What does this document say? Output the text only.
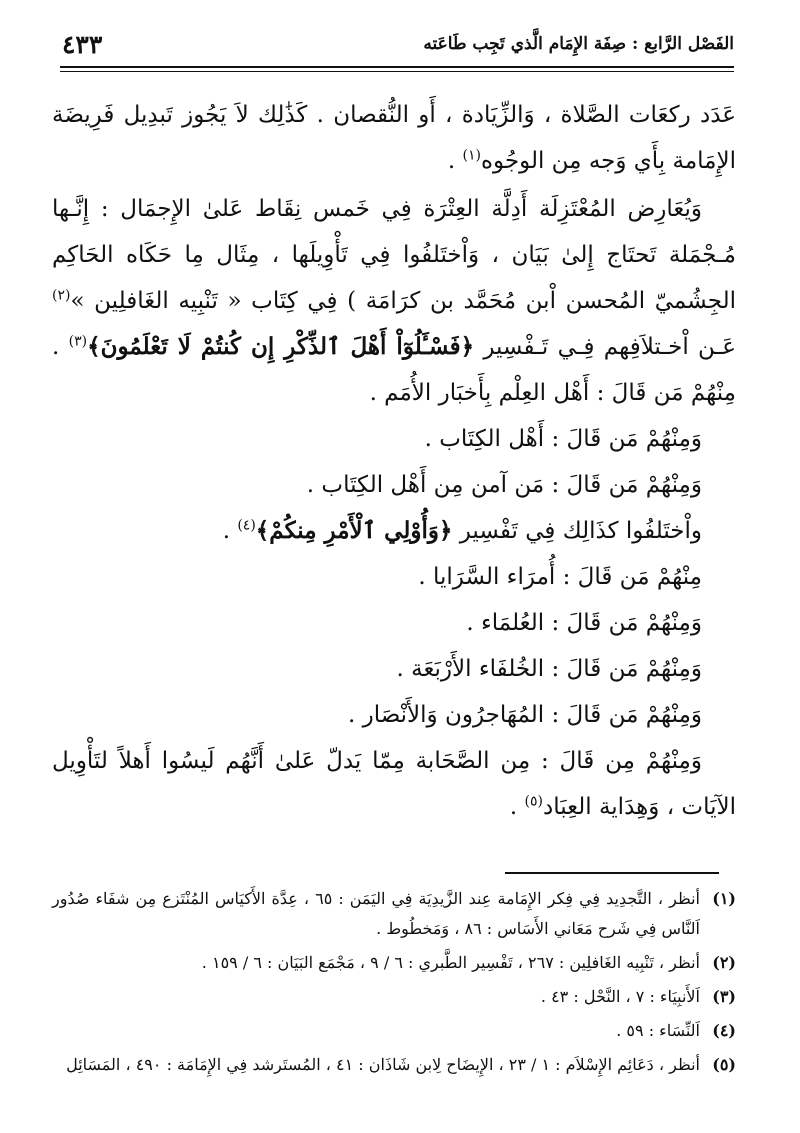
الفَصْل الرَّابع : صِفَة الإِمَام الَّذي تَجِب طَاعَته
٤٣٣

عَدَد ركعَات الصَّلاة ، وَالزِّيَادة ، أَو النُّقصان . كَذَٰلِك لاَ يَجُوز تَبدِيل فَرِيضَة الإِمَامة بِأَي وَجه مِن الوجُوه$^{(١)}$ .

وَيُعَارِض المُعْتَزِلَة أَدِلَّة العِتْرَة فِي خَمس نِقَاط عَلىٰ الإِجمَال : إِنَّـها مُـجْمَلة تَحتَاج إِلىٰ بَيَان ، وَاْختَلفُوا فِي تَأْوِيلَها ، مِثَال مِا حَكَاه الحَاكِم الجِشُميّ المُحسن اْبن مُحَمَّد بن كرَامَة ) فِي كِتَاب « تَنْبِيه الغَافلِين »$^{(٢)}$ عَـن اْخـتلاَفِهم فِـي تَـفْسِير ﴿فَسْـَٔلُوٓاْ أَهْلَ ٱلذِّكْرِ إِن كُنتُمْ لَا تَعْلَمُونَ﴾$^{(٣)}$ . مِنْهُمْ مَن قَالَ : أَهْل العِلْم بِأَخبَار الأُمَم .

وَمِنْهُمْ مَن قَالَ : أَهْل الكِتَاب .

وَمِنْهُمْ مَن قَالَ : مَن آمن مِن أَهْل الكِتَاب .

واْختَلفُوا كذَالِك فِي تَفْسِير ﴿وَأُوْلِي ٱلْأَمْرِ مِنكُمْ﴾$^{(٤)}$ .

مِنْهُمْ مَن قَالَ : أُمرَاء السَّرَايا .

وَمِنْهُمْ مَن قَالَ : العُلمَاء .

وَمِنْهُمْ مَن قَالَ : الخُلفَاء الأَرْبَعَة .

وَمِنْهُمْ مَن قَالَ : المُهَاجرُون وَالأَنْصَار .

وَمِنْهُمْ مِن قَالَ : مِن الصَّحَابة مِمّا يَدلّ عَلىٰ أَنَّهُم لَيسُوا أَهلاً لتَأْوِيل الآيَات ، وَهِدَاية العِبَاد$^{(٥)}$ .

(١)
أنظر ، التَّجدِيد فِي فِكر الإِمَامة عِند الزَّيدِيَة فِي اليَمَن : ٦٥ ، عِدَّة الأَكيَاس المُنْتَزع مِن شفَاء صُدُور اَلنَّاس فِي شَرح مَعَاني الأَسَاس : ٨٦ ، وَمَخطُوط .
(٢)
أنظر ، تَنْبِيه الغَافلِين : ٢٦٧ ، تَفْسِير الطَّبري : ٦ / ٩ ، مَجْمَع البَيَان : ٦ / ١٥٩ .
(٣)
اَلأَنبِيَاء : ٧ ، النَّحْل : ٤٣ .
(٤)
اَلنِّسَاء : ٥٩ .
(٥)
أنظر ، دَعَائِم الإِسْلاَم : ١ / ٢٣ ، الإِيضَاح لِابن شَاذَان : ٤١ ، المُستَرشد فِي الإِمَامَة : ٤٩٠ ، المَسَائِل
